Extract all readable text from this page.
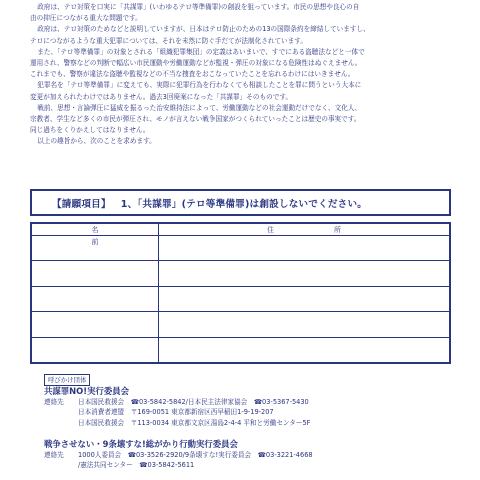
政府は、テロ対策を口実に「共謀罪」(いわゆるテロ等準備罪)の創設を狙っています。市民の思想や良心の自

由の抑圧につながる重大な問題です。

政府は、テロ対策のためなどと説明していますが、日本はテロ防止のための13の国際条約を締結していますし、

テロにつながるような重大犯罪については、それを未然に防ぐ手だてが法制化されています。

また、「テロ等準備罪」の対象とされる「組織犯罪集団」の定義はあいまいで、すでにある盗聴法などと一体で

運用され、警察などの判断で幅広い市民運動や労働運動などが監視・弾圧の対象になる危険性はぬぐえません。

これまでも、警察が違法な盗聴や監視などの不当な捜査をおこなっていたことを忘れるわけにはいきません。

犯罪名を「テロ等準備罪」に変えても、実際に犯罪行為を行わなくても相談したことを罪に問うという大本に

変更が加えられたわけではありません。過去3回廃案になった「共謀罪」そのものです。

戦前、思想・言論弾圧に猛威を振るった治安維持法によって、労働運動などの社会運動だけでなく、文化人、

宗教者、学生など多くの市民が弾圧され、モノが言えない戦争国家がつくられていったことは歴史の事実です。

同じ過ちをくりかえしてはなりません。

以上の趣旨から、次のことを求めます。

【請願項目】 1、「共謀罪」(テロ等準備罪)は創設しないでください。
名前
住所
呼びかけ団体
共謀罪NO!実行委員会
連絡先	日本国民救援会　☎03-5842-5842/日本民主法律家協会　☎03-5367-5430
日本消費者連盟　〒169-0051 東京都新宿区西早稲田1-9-19-207
日本国民救援会　〒113-0034 東京都文京区湯島2-4-4 平和と労働センター5F
戦争させない・9条壊すな!総がかり行動実行委員会
連絡先	1000人委員会　☎03-3526-2920/9条壊すな!実行委員会　☎03-3221-4668
/憲法共同センター　☎03-5842-5611
